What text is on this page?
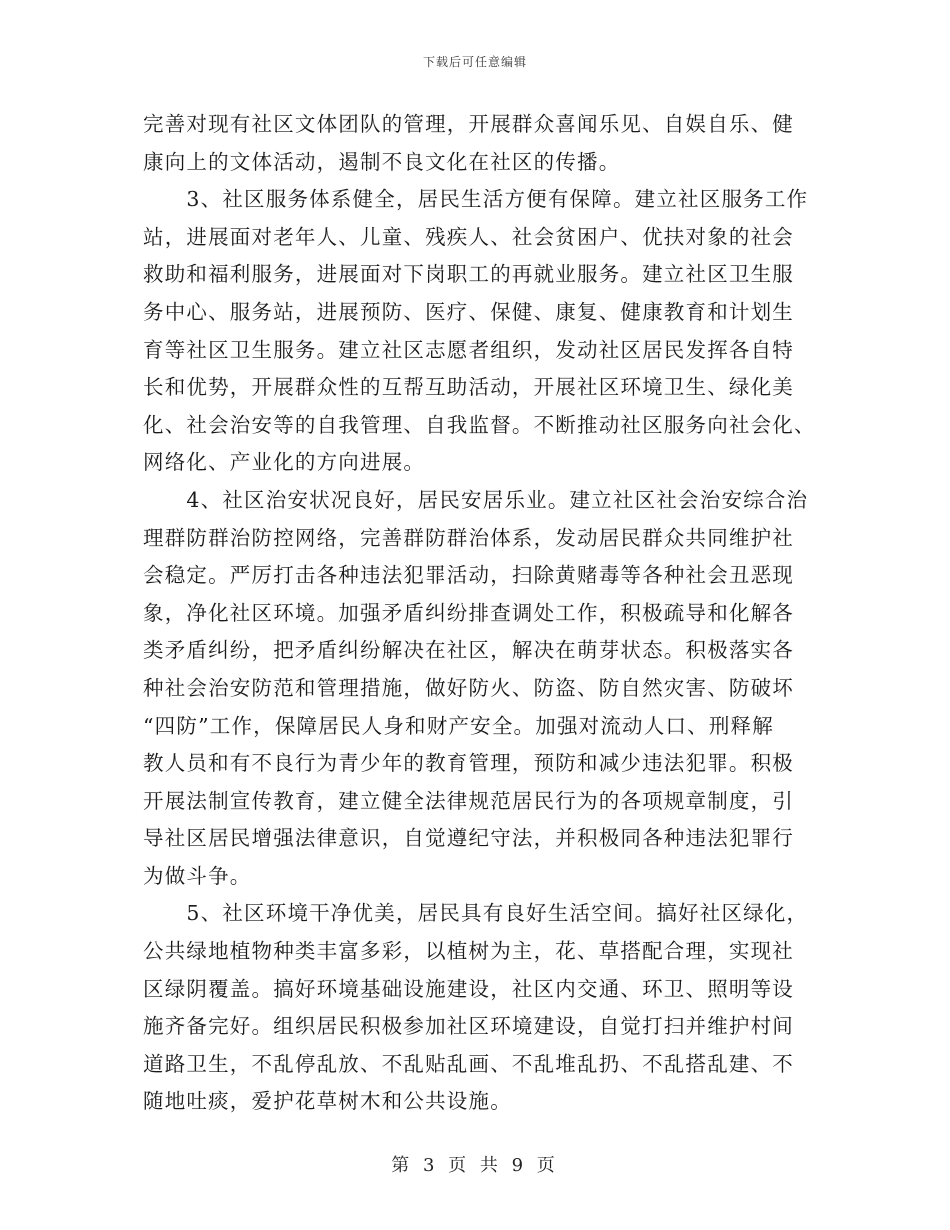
下载后可任意编辑
完善对现有社区文体团队的管理，开展群众喜闻乐见、自娱自乐、健
康向上的文体活动，遏制不良文化在社区的传播。
　　3、社区服务体系健全，居民生活方便有保障。建立社区服务工作
站，进展面对老年人、儿童、残疾人、社会贫困户、优扶对象的社会
救助和福利服务，进展面对下岗职工的再就业服务。建立社区卫生服
务中心、服务站，进展预防、医疗、保健、康复、健康教育和计划生
育等社区卫生服务。建立社区志愿者组织，发动社区居民发挥各自特
长和优势，开展群众性的互帮互助活动，开展社区环境卫生、绿化美
化、社会治安等的自我管理、自我监督。不断推动社区服务向社会化、
网络化、产业化的方向进展。
　　4、社区治安状况良好，居民安居乐业。建立社区社会治安综合治
理群防群治防控网络，完善群防群治体系，发动居民群众共同维护社
会稳定。严厉打击各种违法犯罪活动，扫除黄赌毒等各种社会丑恶现
象，净化社区环境。加强矛盾纠纷排查调处工作，积极疏导和化解各
类矛盾纠纷，把矛盾纠纷解决在社区，解决在萌芽状态。积极落实各
种社会治安防范和管理措施，做好防火、防盗、防自然灾害、防破坏
“四防”工作，保障居民人身和财产安全。加强对流动人口、刑释解
教人员和有不良行为青少年的教育管理，预防和减少违法犯罪。积极
开展法制宣传教育，建立健全法律规范居民行为的各项规章制度，引
导社区居民增强法律意识，自觉遵纪守法，并积极同各种违法犯罪行
为做斗争。
　　5、社区环境干净优美，居民具有良好生活空间。搞好社区绿化，
公共绿地植物种类丰富多彩，以植树为主，花、草搭配合理，实现社
区绿阴覆盖。搞好环境基础设施建设，社区内交通、环卫、照明等设
施齐备完好。组织居民积极参加社区环境建设，自觉打扫并维护村间
道路卫生，不乱停乱放、不乱贴乱画、不乱堆乱扔、不乱搭乱建、不
随地吐痰，爱护花草树木和公共设施。
第 3 页 共 9 页
